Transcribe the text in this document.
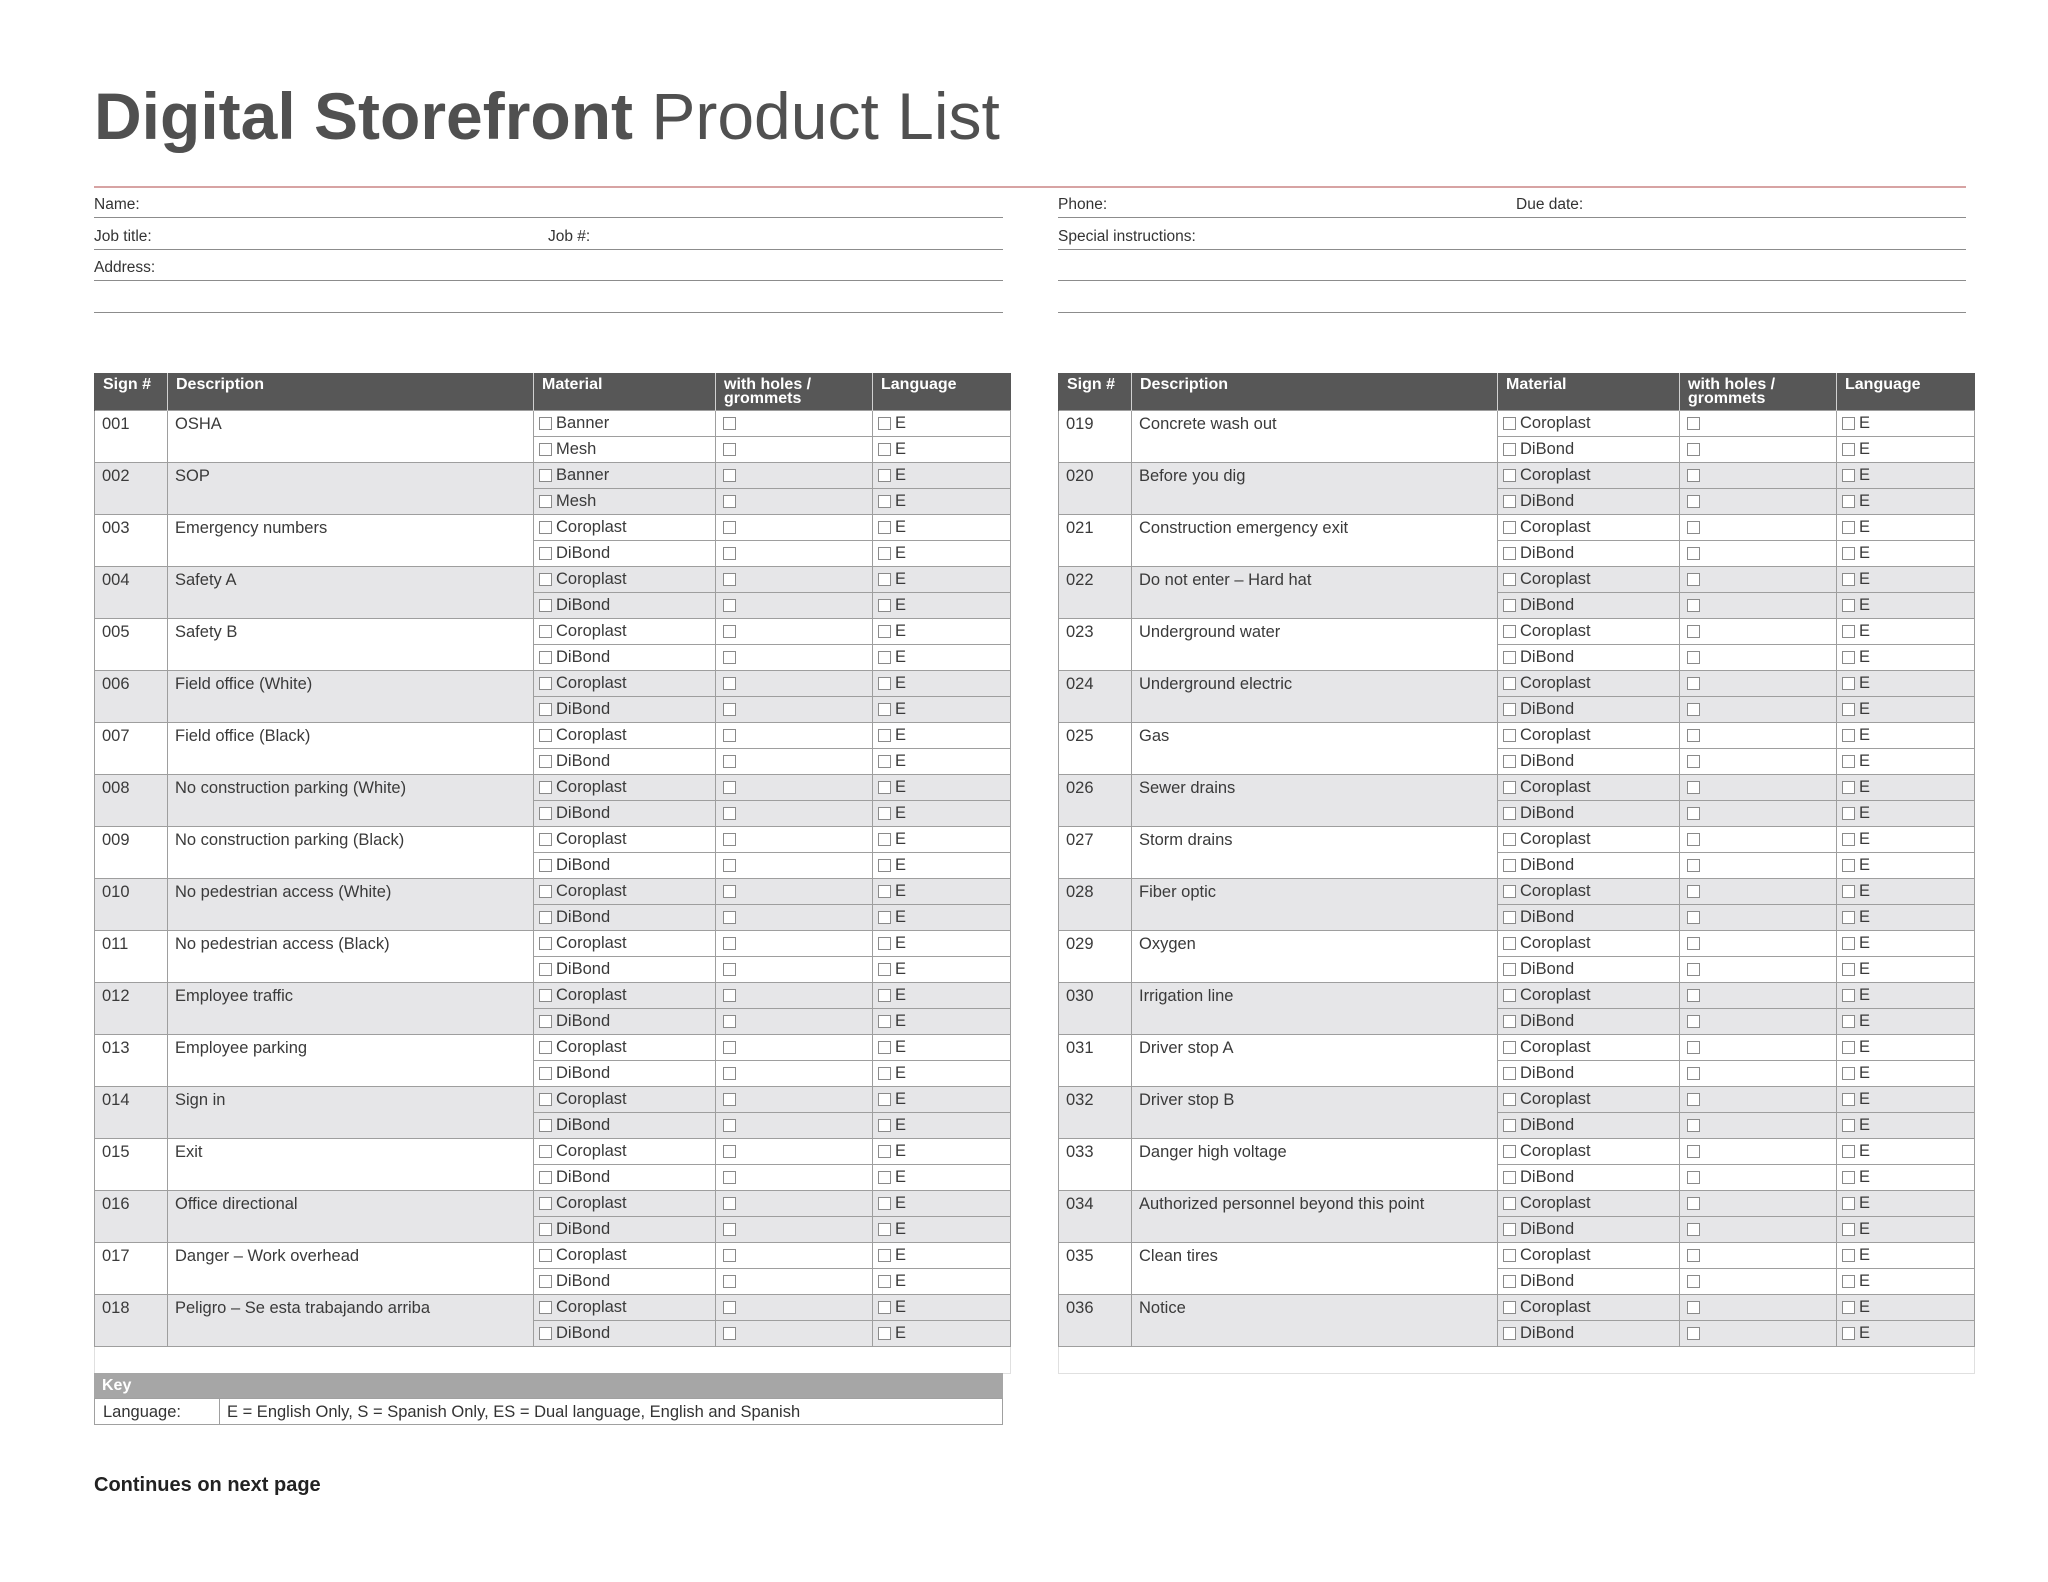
Digital Storefront Product List
Name:
Job title:	Job #:
Address:
Phone:	Due date:
Special instructions:
Sign #	Description	Material	with holes / grommets	Language
001	OSHA	Banner		E
		Mesh		E
002	SOP	Banner		E
		Mesh		E
003	Emergency numbers	Coroplast		E
		DiBond		E
004	Safety A	Coroplast		E
		DiBond		E
005	Safety B	Coroplast		E
		DiBond		E
006	Field office (White)	Coroplast		E
		DiBond		E
007	Field office (Black)	Coroplast		E
		DiBond		E
008	No construction parking (White)	Coroplast		E
		DiBond		E
009	No construction parking (Black)	Coroplast		E
		DiBond		E
010	No pedestrian access (White)	Coroplast		E
		DiBond		E
011	No pedestrian access (Black)	Coroplast		E
		DiBond		E
012	Employee traffic	Coroplast		E
		DiBond		E
013	Employee parking	Coroplast		E
		DiBond		E
014	Sign in	Coroplast		E
		DiBond		E
015	Exit	Coroplast		E
		DiBond		E
016	Office directional	Coroplast		E
		DiBond		E
017	Danger – Work overhead	Coroplast		E
		DiBond		E
018	Peligro – Se esta trabajando arriba	Coroplast		E
		DiBond		E

Sign #	Description	Material	with holes / grommets	Language
019	Concrete wash out	Coroplast		E
		DiBond		E
020	Before you dig	Coroplast		E
		DiBond		E
021	Construction emergency exit	Coroplast		E
		DiBond		E
022	Do not enter – Hard hat	Coroplast		E
		DiBond		E
023	Underground water	Coroplast		E
		DiBond		E
024	Underground electric	Coroplast		E
		DiBond		E
025	Gas	Coroplast		E
		DiBond		E
026	Sewer drains	Coroplast		E
		DiBond		E
027	Storm drains	Coroplast		E
		DiBond		E
028	Fiber optic	Coroplast		E
		DiBond		E
029	Oxygen	Coroplast		E
		DiBond		E
030	Irrigation line	Coroplast		E
		DiBond		E
031	Driver stop A	Coroplast		E
		DiBond		E
032	Driver stop B	Coroplast		E
		DiBond		E
033	Danger high voltage	Coroplast		E
		DiBond		E
034	Authorized personnel beyond this point	Coroplast		E
		DiBond		E
035	Clean tires	Coroplast		E
		DiBond		E
036	Notice	Coroplast		E
		DiBond		E

Key
Language:	E = English Only, S = Spanish Only, ES = Dual language, English and Spanish
Continues on next page
